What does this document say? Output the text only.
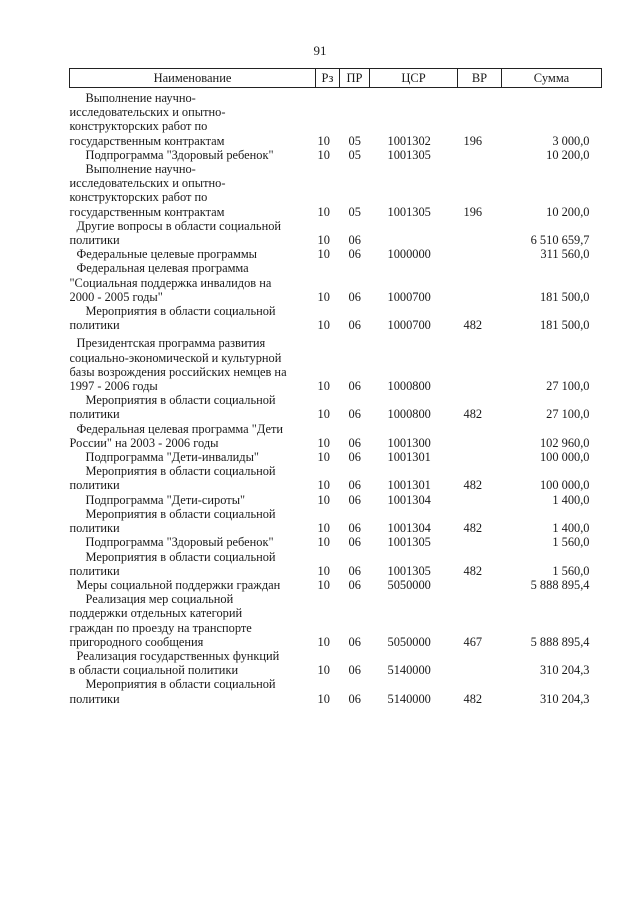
91
Наименование	Рз	ПР	ЦСР	ВР	Сумма

Выполнение научно-
исследовательских и опытно-
конструкторских работ по
государственным контрактам	10	05	1001302	196	3 000,0

Подпрограмма "Здоровый ребенок"	10	05	1001305		10 200,0

Выполнение научно-
исследовательских и опытно-
конструкторских работ по
государственным контрактам	10	05	1001305	196	10 200,0

Другие вопросы в области социальной
политики	10	06			6 510 659,7

Федеральные целевые программы	10	06	1000000		311 560,0

Федеральная целевая программа
"Социальная поддержка инвалидов на
2000 - 2005 годы"	10	06	1000700		181 500,0

Мероприятия в области социальной
политики	10	06	1000700	482	181 500,0

Президентская программа развития
социально-экономической и культурной
базы возрождения российских немцев на
1997 - 2006 годы	10	06	1000800		27 100,0

Мероприятия в области социальной
политики	10	06	1000800	482	27 100,0

Федеральная целевая программа "Дети
России" на 2003 - 2006 годы	10	06	1001300		102 960,0

Подпрограмма "Дети-инвалиды"	10	06	1001301		100 000,0

Мероприятия в области социальной
политики	10	06	1001301	482	100 000,0

Подпрограмма "Дети-сироты"	10	06	1001304		1 400,0

Мероприятия в области социальной
политики	10	06	1001304	482	1 400,0

Подпрограмма "Здоровый ребенок"	10	06	1001305		1 560,0

Мероприятия в области социальной
политики	10	06	1001305	482	1 560,0

Меры социальной поддержки граждан	10	06	5050000		5 888 895,4

Реализация мер социальной
поддержки отдельных категорий
граждан по проезду на транспорте
пригородного сообщения	10	06	5050000	467	5 888 895,4

Реализация государственных функций
в области социальной политики	10	06	5140000		310 204,3

Мероприятия в области социальной
политики	10	06	5140000	482	310 204,3
